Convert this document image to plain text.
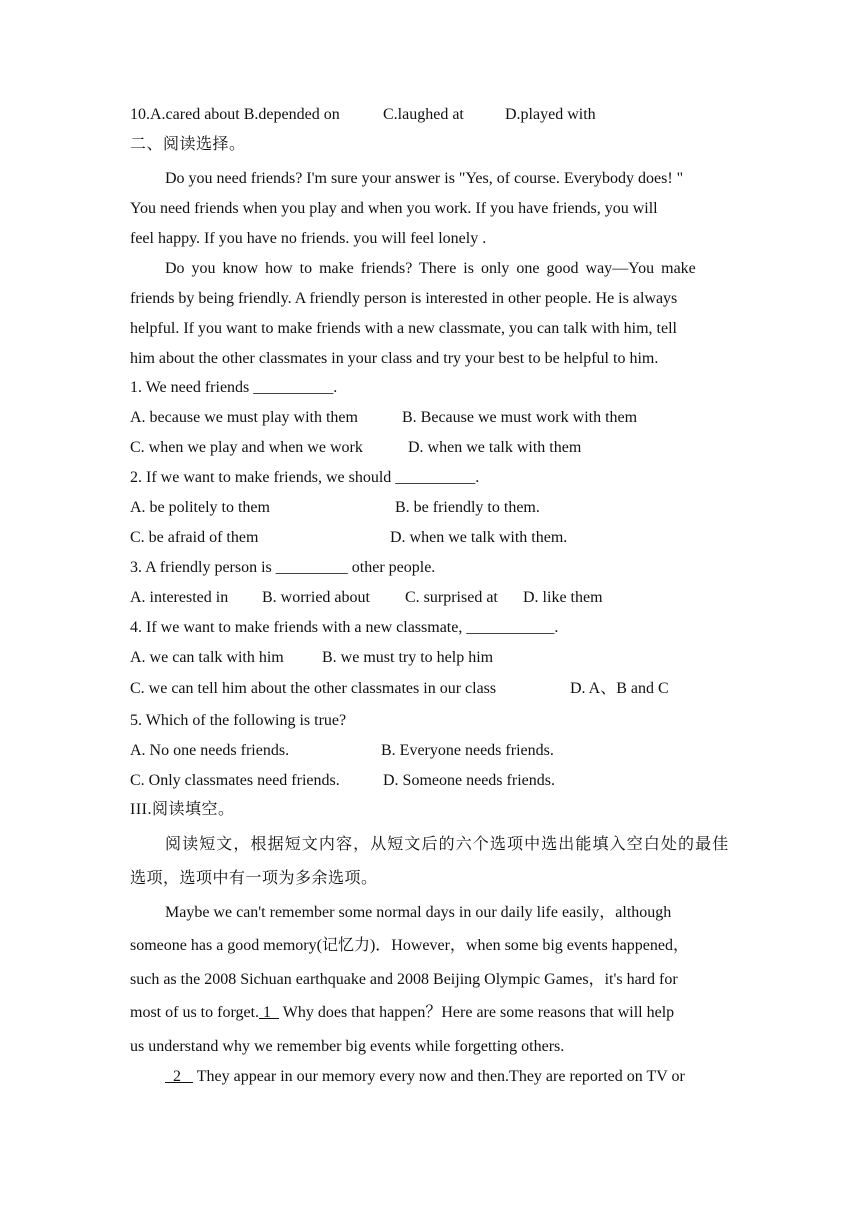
10.A.cared about B.depended on	C.laughed at	D.played with
二、阅读选择。
Do you need friends? I'm sure your answer is "Yes, of course. Everybody does! "
You need friends when you play and when you work. If you have friends, you will
feel happy. If you have no friends. you will feel lonely .
Do you know how to make friends? There is only one good way—You make
friends by being friendly. A friendly person is interested in other people. He is always
helpful. If you want to make friends with a new classmate, you can talk with him, tell
him about the other classmates in your class and try your best to be helpful to him.
1. We need friends __________.
A. because we must play with them	B. Because we must work with them
C. when we play and when we work	D. when we talk with them
2. If we want to make friends, we should __________.
A. be politely to them	B. be friendly to them.
C. be afraid of them	D. when we talk with them.
3. A friendly person is _________ other people.
A. interested in B. worried about C. surprised at D. like them
4. If we want to make friends with a new classmate, ___________.
A. we can talk with him B. we must try to help him
C. we can tell him about the other classmates in our class	D. A、B and C
5. Which of the following is true?
A. No one needs friends.	B. Everyone needs friends.
C. Only classmates need friends.	D. Someone needs friends.
III.阅读填空。
阅读短文，根据短文内容，从短文后的六个选项中选出能填入空白处的最佳
选项，选项中有一项为多余选项。
Maybe we can't remember some normal days in our daily life easily，although
someone has a good memory(记忆力)．However，when some big events happened，
such as the 2008 Sichuan earthquake and 2008 Beijing Olympic Games，it's hard for
most of us to forget. 1   Why does that happen？Here are some reasons that will help
us understand why we remember big events while forgetting others.
2    They appear in our memory every now and then.They are reported on TV or
